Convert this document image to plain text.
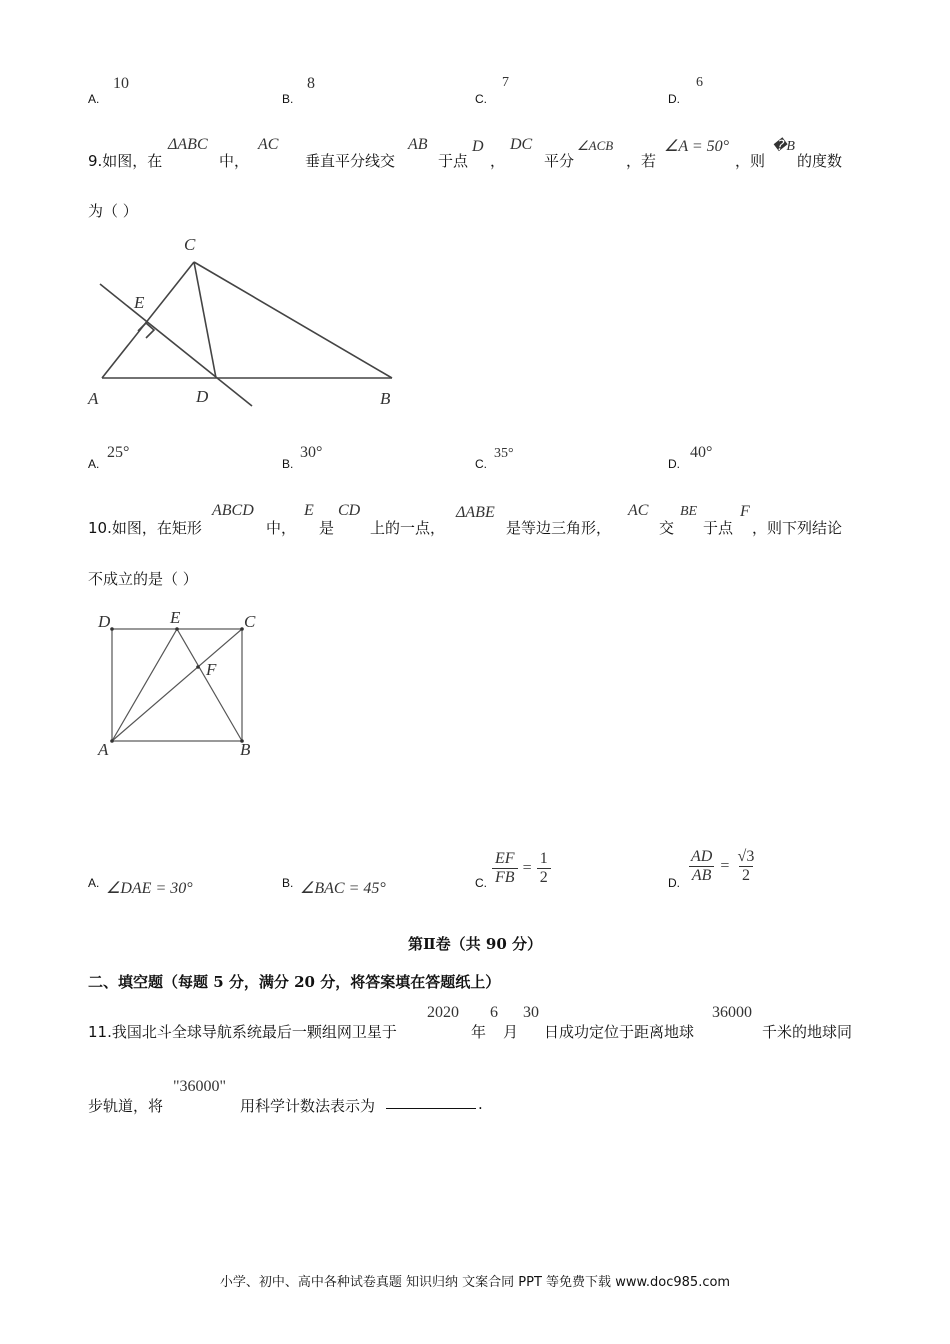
A.
10
B.
8
C.
7
D.
6
9.如图，在
ΔABC
中，
AC
垂直平分线交
AB
于点
D
，
DC
平分
∠ACB
，若
∠A = 50°
，则
�B
的度数
为（ ）
C
E
A	D	B
A.
25°
B.
30°
C.
35°
D.
40°
10.如图，在矩形
ABCD
中，
E
是
CD
上的一点，
ΔABE
是等边三角形，
AC
交
BE
于点
F
，则下列结论
不成立的是（ ）
D	E	C
F
A	B
A. ∠DAE = 30°	B. ∠BAC = 45°	C. $\frac{EF}{FB} = \frac{1}{2}$	D. $\frac{AD}{AB} = \frac{√3}{2}$
第Ⅱ卷（共 90 分）
二、填空题（每题 5 分，满分 20 分，将答案填在答题纸上）
11.我国北斗全球导航系统最后一颗组网卫星于
2020
年
6
月
30
日成功定位于距离地球
36000
千米的地球同
步轨道，将
"36000"
用科学计数法表示为	.
小学、初中、高中各种试卷真题 知识归纳 文案合同 PPT 等免费下载 www.doc985.com
